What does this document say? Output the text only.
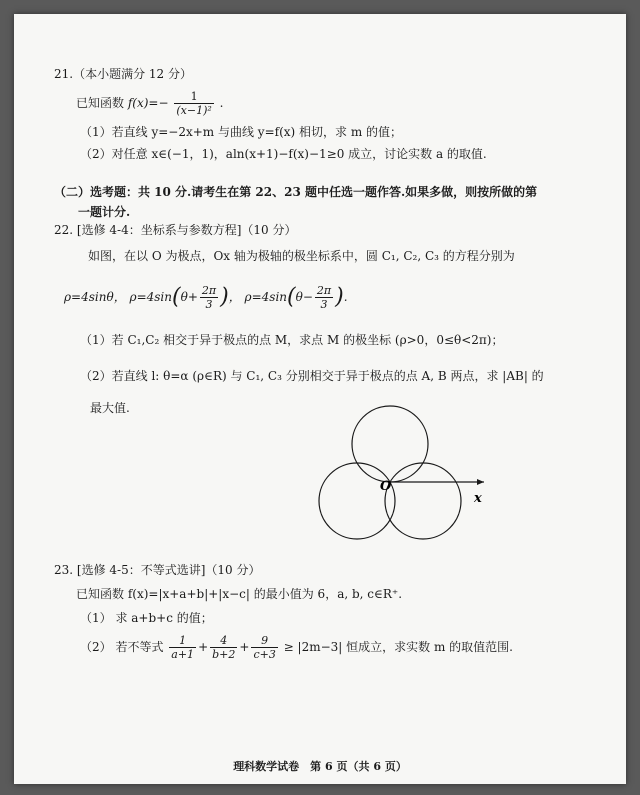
21.（本小题满分 12 分）
已知函数 $f(x)=- \frac{1}{\text{(x−1)²}}$ .
（1）若直线 y=−2x+m 与曲线 y=f(x) 相切，求 m 的值；
（2）对任意 x∈(−1，1)，aln(x+1)−f(x)−1≥0 成立，讨论实数 a 的取值.
（二）选考题：共 10 分.请考生在第 22、23 题中任选一题作答.如果多做，则按所做的第
一题计分.
22. [选修 4-4：坐标系与参数方程]（10 分）
如图，在以 O 为极点，Ox 轴为极轴的极坐标系中，圆 C₁, C₂, C₃ 的方程分别为
ρ=4sinθ， $\rho=4\sin(\theta+ \frac{2\pi}{3}$ )， $\rho=4\sin(\theta- \frac{2\pi}{3}$ ).
（1）若 C₁,C₂ 相交于异于极点的点 M，求点 M 的极坐标 (ρ>0，0≤θ<2π)；
（2）若直线 l: θ=α (ρ∈R) 与 C₁, C₃ 分别相交于异于极点的点 A, B 两点，求 |AB| 的
最大值.
O
x
23. [选修 4-5：不等式选讲]（10 分）
已知函数 f(x)=|x+a+b|+|x−c| 的最小值为 6，a, b, c∈R⁺.
（1） 求 a+b+c 的值；
（2） 若不等式 $\frac{1}{a+1} + \frac{4}{b+2} + \frac{9}{c+3} \ge |2m-3|$ 恒成立，求实数 m 的取值范围.
理科数学试卷　第 6 页（共 6 页）
